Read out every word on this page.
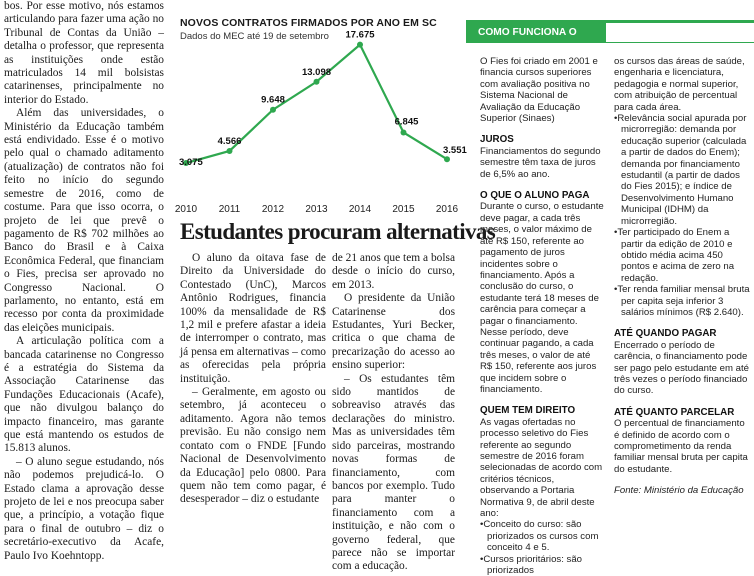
bos. Por esse motivo, nós estamos articulando para fazer uma ação no Tribunal de Contas da União – detalha o professor, que representa as instituições onde estão matriculados 14 mil bolsistas catarinenses, principalmente no interior do Estado.

Além das universidades, o Ministério da Educação também está endividado. Esse é o motivo pelo qual o chamado aditamento (atualização) de contratos não foi feito no início do segundo semestre de 2016, como de costume. Para que isso ocorra, o projeto de lei que prevê o pagamento de R$ 702 milhões ao Banco do Brasil e à Caixa Econômica Federal, que financiam o Fies, precisa ser aprovado no Congresso Nacional. O parlamento, no entanto, está em recesso por conta da proximidade das eleições municipais.

A articulação política com a bancada catarinense no Congresso é a estratégia do Sistema da Associação Catarinense das Fundações Educacionais (Acafe), que não divulgou balanço do impacto financeiro, mas garante que está mantendo os estudos de 15.813 alunos.

– O aluno segue estudando, nós não podemos prejudicá-lo. O Estado clama a aprovação desse projeto de lei e nos preocupa saber que, a princípio, a votação fique para o final de outubro – diz o secretário-executivo da Acafe, Paulo Ivo Koehntopp.

NOVOS CONTRATOS FIRMADOS POR ANO EM SC
Dados do MEC até 19 de setembro
3.075
2010
4.566
2011
9.648
2012
13.098
2013
17.675
2014
6.845
2015
3.551
2016
Estudantes procuram alternativas

O aluno da oitava fase de Direito da Universidade do Contestado (UnC), Marcos Antônio Rodrigues, financia 100% da mensalidade de R$ 1,2 mil e prefere afastar a ideia de interromper o contrato, mas já pensa em alternativas – como as oferecidas pela própria instituição.

– Geralmente, em agosto ou setembro, já aconteceu o aditamento. Agora não temos previsão. Eu não consigo nem contato com o FNDE [Fundo Nacional de Desenvolvimento da Educação] pelo 0800. Para quem não tem como pagar, é desesperador – diz o estudante

de 21 anos que tem a bolsa desde o início do curso, em 2013.

O presidente da União Catarinense dos Estudantes, Yuri Becker, critica o que chama de precarização do acesso ao ensino superior:

– Os estudantes têm sido mantidos de sobreaviso através das declarações do ministro. Mas as universidades têm sido parceiras, mostrando novas formas de financiamento, com bancos por exemplo. Tudo para manter o financiamento com a instituição, e não com o governo federal, que parece não se importar com a educação.

COMO FUNCIONA O PROGRAMA

O Fies foi criado em 2001 e financia cursos superiores com avaliação positiva no Sistema Nacional de Avaliação da Educação Superior (Sinaes)

JUROS

Financiamentos do segundo semestre têm taxa de juros de 6,5% ao ano.

O QUE O ALUNO PAGA

Durante o curso, o estudante deve pagar, a cada três meses, o valor máximo de até R$ 150, referente ao pagamento de juros incidentes sobre o financiamento. Após a conclusão do curso, o estudante terá 18 meses de carência para começar a pagar o financiamento. Nesse período, deve continuar pagando, a cada três meses, o valor de até R$ 150, referente aos juros que incidem sobre o financiamento.

QUEM TEM DIREITO

As vagas ofertadas no processo seletivo do Fies referente ao segundo semestre de 2016 foram selecionadas de acordo com critérios técnicos, observando a Portaria Normativa 9, de abril deste ano:

•Conceito do curso: são priorizados os cursos com conceito 4 e 5.

•Cursos prioritários: são priorizados

os cursos das áreas de saúde, engenharia e licenciatura, pedagogia e normal superior, com atribuição de percentual para cada área.

•Relevância social apurada por microrregião: demanda por educação superior (calculada a partir de dados do Enem); demanda por financiamento estudantil (a partir de dados do Fies 2015); e índice de Desenvolvimento Humano Municipal (IDHM) da microrregião.

•Ter participado do Enem a partir da edição de 2010 e obtido média acima 450 pontos e acima de zero na redação.

•Ter renda familiar mensal bruta per capita seja inferior 3 salários mínimos (R$ 2.640).

ATÉ QUANDO PAGAR

Encerrado o período de carência, o financiamento pode ser pago pelo estudante em até três vezes o período financiado do curso.

ATÉ QUANTO PARCELAR

O percentual de financiamento é definido de acordo com o comprometimento da renda familiar mensal bruta per capita do estudante.

Fonte: Ministério da Educação
